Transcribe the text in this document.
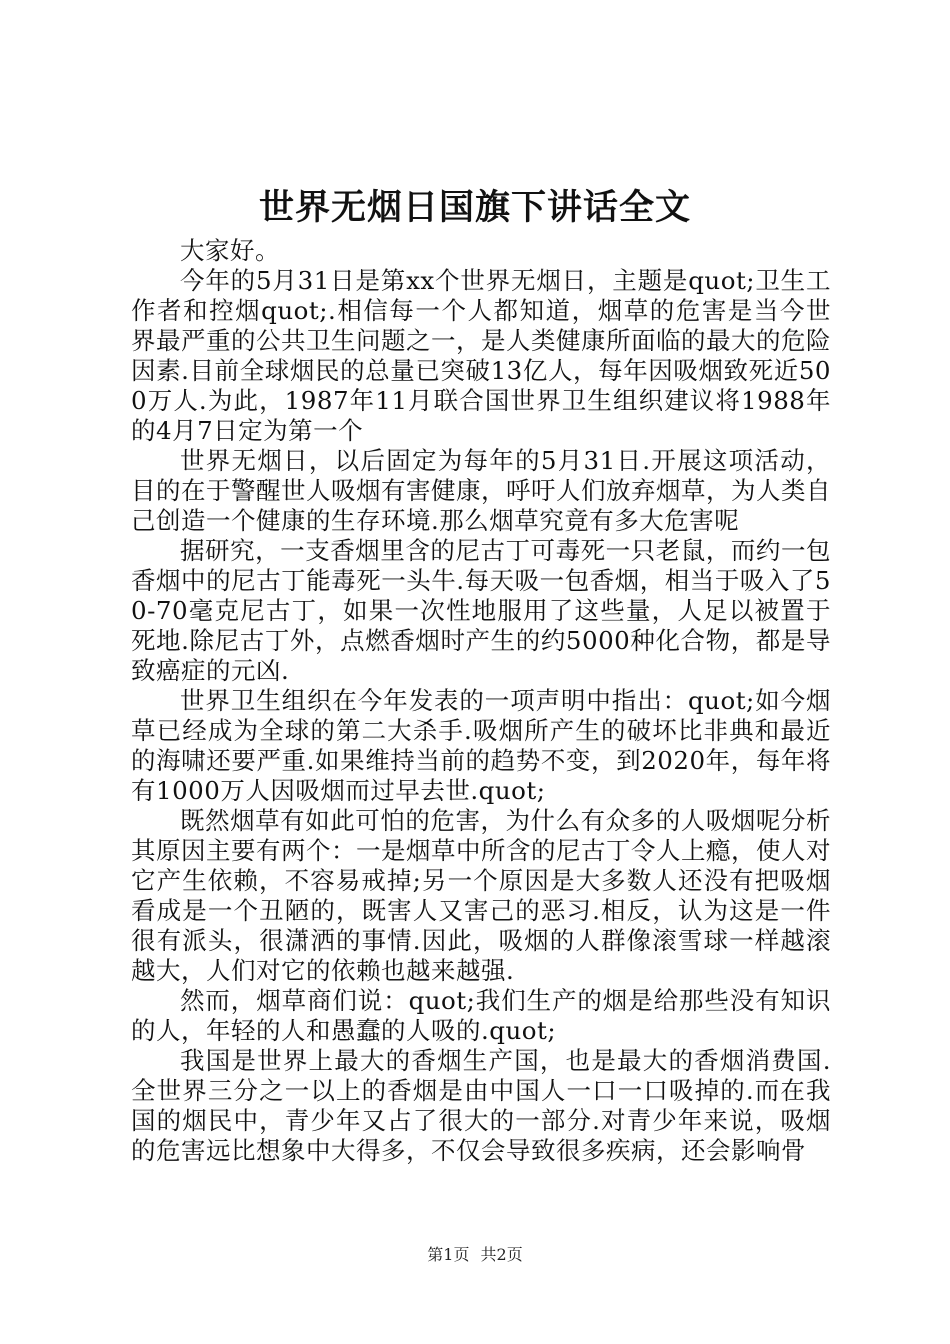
世界无烟日国旗下讲话全文

大家好。

今年的5月31日是第xx个世界无烟日，主题是quot;卫生工作者和控烟quot;.相信每一个人都知道，烟草的危害是当今世界最严重的公共卫生问题之一，是人类健康所面临的最大的危险因素.目前全球烟民的总量已突破13亿人，每年因吸烟致死近500万人.为此，1987年11月联合国世界卫生组织建议将1988年的4月7日定为第一个

世界无烟日，以后固定为每年的5月31日.开展这项活动，目的在于警醒世人吸烟有害健康，呼吁人们放弃烟草，为人类自己创造一个健康的生存环境.那么烟草究竟有多大危害呢

据研究，一支香烟里含的尼古丁可毒死一只老鼠，而约一包香烟中的尼古丁能毒死一头牛.每天吸一包香烟，相当于吸入了50-70毫克尼古丁，如果一次性地服用了这些量，人足以被置于死地.除尼古丁外，点燃香烟时产生的约5000种化合物，都是导致癌症的元凶.

世界卫生组织在今年发表的一项声明中指出：quot;如今烟草已经成为全球的第二大杀手.吸烟所产生的破坏比非典和最近的海啸还要严重.如果维持当前的趋势不变，到2020年，每年将有1000万人因吸烟而过早去世.quot;

既然烟草有如此可怕的危害，为什么有众多的人吸烟呢分析其原因主要有两个：一是烟草中所含的尼古丁令人上瘾，使人对它产生依赖，不容易戒掉;另一个原因是大多数人还没有把吸烟看成是一个丑陋的，既害人又害己的恶习.相反，认为这是一件很有派头，很潇洒的事情.因此，吸烟的人群像滚雪球一样越滚越大，人们对它的依赖也越来越强.

然而，烟草商们说：quot;我们生产的烟是给那些没有知识的人，年轻的人和愚蠢的人吸的.quot;

我国是世界上最大的香烟生产国，也是最大的香烟消费国.全世界三分之一以上的香烟是由中国人一口一口吸掉的.而在我国的烟民中，青少年又占了很大的一部分.对青少年来说，吸烟的危害远比想象中大得多，不仅会导致很多疾病，还会影响骨

第1页 共2页
